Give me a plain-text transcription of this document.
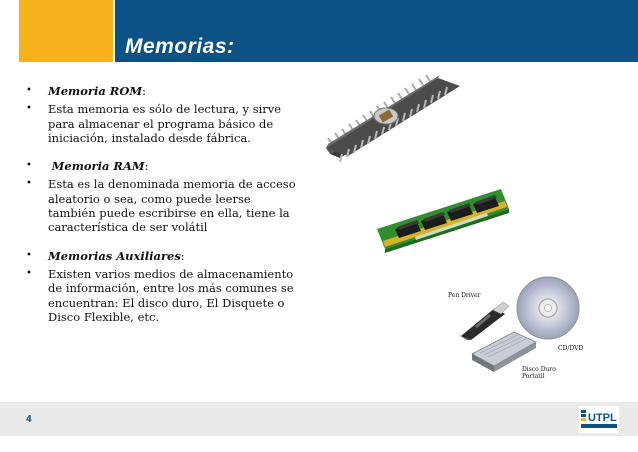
Memorias:
•	Memoria ROM:
•	Esta memoria es sólo de lectura, y sirve para almacenar el programa básico de iniciación, instalado desde fábrica.
•	Memoria RAM:
•	Esta es la denominada memoria de acceso aleatorio o sea, como puede leerse también puede escribirse en ella, tiene la característica de ser volátil
•	Memorias Auxiliares:
•	Existen varios medios de almacenamiento de información, entre los más comunes se encuentran: El disco duro, El Disquete o Disco Flexible, etc.
Pen Driver
CD/DVD
Disco Duro Portatil
4	UTPL
